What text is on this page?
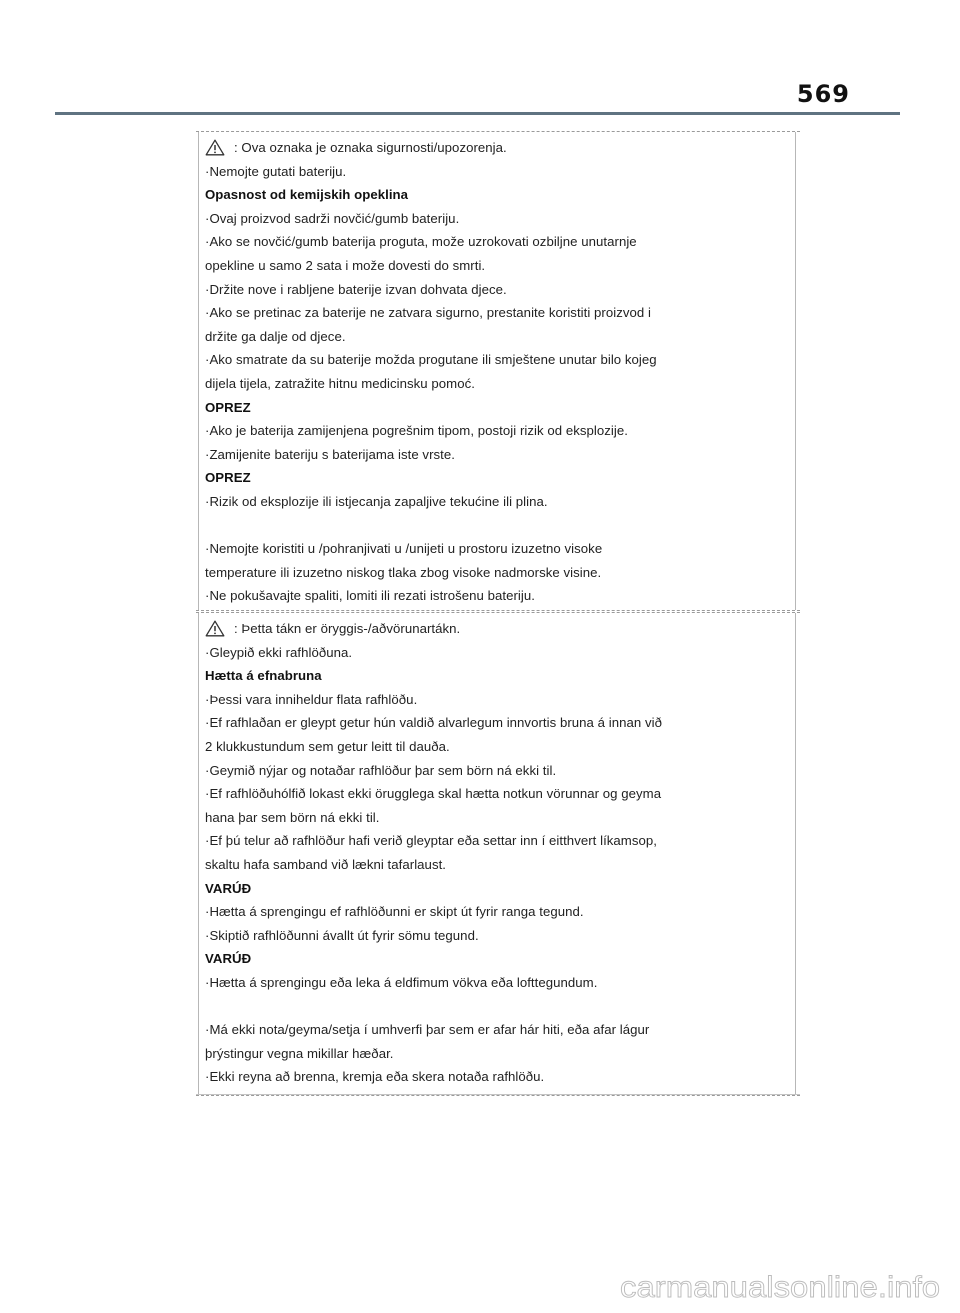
569
: Ova oznaka je oznaka sigurnosti/upozorenja.
·Nemojte gutati bateriju.
Opasnost od kemijskih opeklina
·Ovaj proizvod sadrži novčić/gumb bateriju.
·Ako se novčić/gumb baterija proguta, može uzrokovati ozbiljne unutarnje
opekline u samo 2 sata i može dovesti do smrti.
·Držite nove i rabljene baterije izvan dohvata djece.
·Ako se pretinac za baterije ne zatvara sigurno, prestanite koristiti proizvod i
držite ga dalje od djece.
·Ako smatrate da su baterije možda progutane ili smještene unutar bilo kojeg
dijela tijela, zatražite hitnu medicinsku pomoć.
OPREZ
·Ako je baterija zamijenjena pogrešnim tipom, postoji rizik od eksplozije.
·Zamijenite bateriju s baterijama iste vrste.
OPREZ
·Rizik od eksplozije ili istjecanja zapaljive tekućine ili plina.
·Nemojte koristiti u /pohranjivati u /unijeti u prostoru izuzetno visoke
temperature ili izuzetno niskog tlaka zbog visoke nadmorske visine.
·Ne pokušavajte spaliti, lomiti ili rezati istrošenu bateriju.
: Þetta tákn er öryggis-/aðvörunartákn.
·Gleypið ekki rafhlöðuna.
Hætta á efnabruna
·Þessi vara inniheldur flata rafhlöðu.
·Ef rafhlaðan er gleypt getur hún valdið alvarlegum innvortis bruna á innan við
2 klukkustundum sem getur leitt til dauða.
·Geymið nýjar og notaðar rafhlöður þar sem börn ná ekki til.
·Ef rafhlöðuhólfið lokast ekki örugglega skal hætta notkun vörunnar og geyma
hana þar sem börn ná ekki til.
·Ef þú telur að rafhlöður hafi verið gleyptar eða settar inn í eitthvert líkamsop,
skaltu hafa samband við lækni tafarlaust.
VARÚÐ
·Hætta á sprengingu ef rafhlöðunni er skipt út fyrir ranga tegund.
·Skiptið rafhlöðunni ávallt út fyrir sömu tegund.
VARÚÐ
·Hætta á sprengingu eða leka á eldfimum vökva eða lofttegundum.
·Má ekki nota/geyma/setja í umhverfi þar sem er afar hár hiti, eða afar lágur
þrýstingur vegna mikillar hæðar.
·Ekki reyna að brenna, kremja eða skera notaða rafhlöðu.
carmanualsonline.info
